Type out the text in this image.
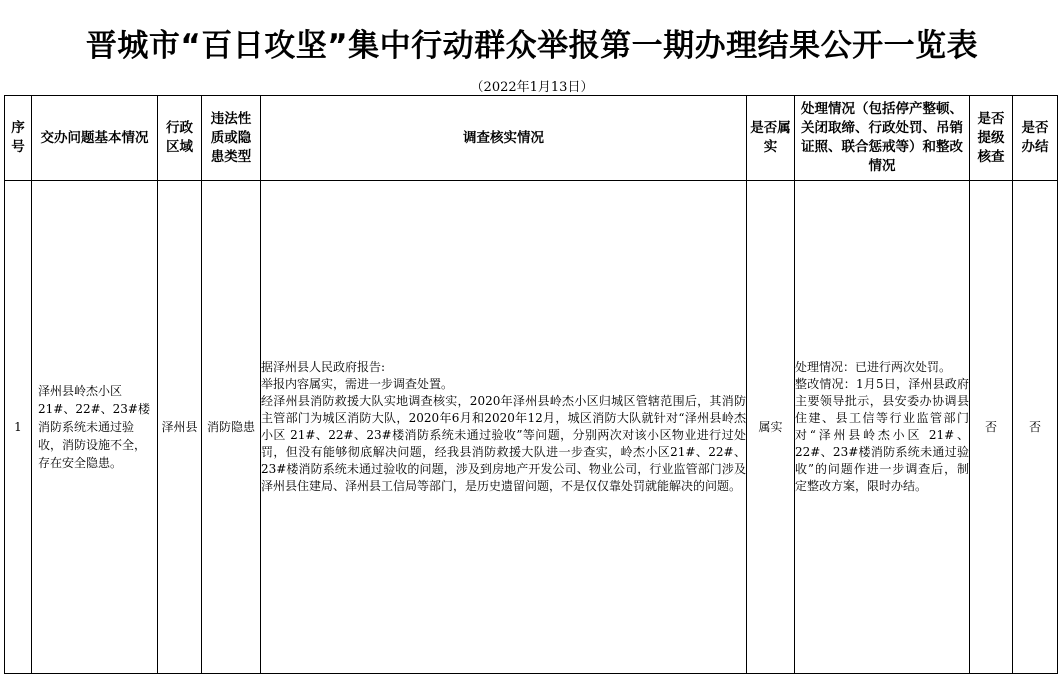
晋城市“百日攻坚”集中行动群众举报第一期办理结果公开一览表
（2022年1月13日）
序号	交办问题基本情况	行政区域	违法性质或隐患类型	调查核实情况	是否属实	处理情况（包括停产整顿、关闭取缔、行政处罚、吊销证照、联合惩戒等）和整改情况	是否提级核查	是否办结

1	泽州县岭杰小区21#、22#、23#楼消防系统未通过验收，消防设施不全，存在安全隐患。	泽州县	消防隐患	据泽州县人民政府报告:
举报内容属实，需进一步调查处置。
经泽州县消防救援大队实地调查核实，2020年泽州县岭杰小区归城区管辖范围后，其消防主管部门为城区消防大队，2020年6月和2020年12月，城区消防大队就针对“泽州县岭杰小区 21#、22#、23#楼消防系统未通过验收”等问题，分别两次对该小区物业进行过处罚，但没有能够彻底解决问题，经我县消防救援大队进一步查实，岭杰小区21#、22#、23#楼消防系统未通过验收的问题，涉及到房地产开发公司、物业公司，行业监管部门涉及泽州县住建局、泽州县工信局等部门，是历史遗留问题，不是仅仅靠处罚就能解决的问题。	属实	处理情况：已进行两次处罚。
整改情况：1月5日，泽州县政府主要领导批示，县安委办协调县住建、县工信等行业监管部门对“泽州县岭杰小区 21#、22#、23#楼消防系统未通过验收”的问题作进一步调查后，制定整改方案，限时办结。	否	否
